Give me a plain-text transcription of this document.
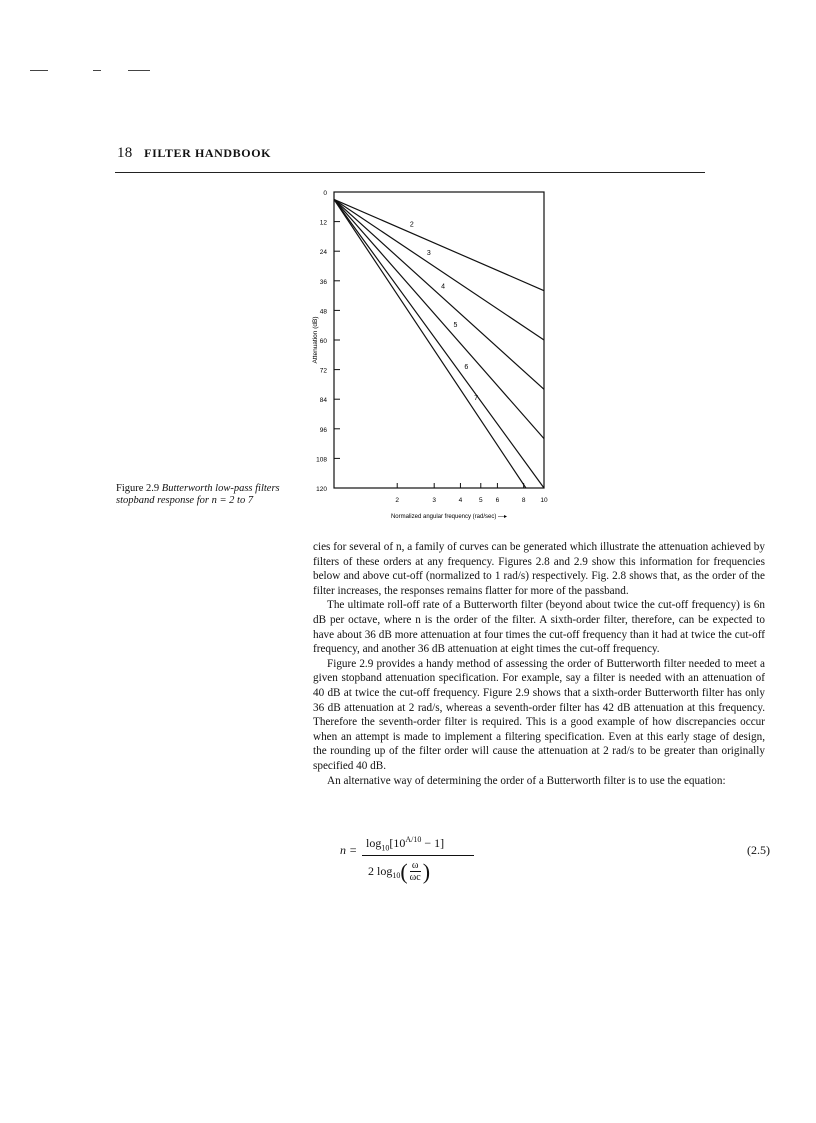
18 FILTER HANDBOOK
Figure 2.9 Butterworth low-pass filters stopband response for n = 2 to 7
0
12
24
36
48
60
72
84
96
108
120
2	3	4	5 6	8 10
Attenuation (dB)
Normalized angular frequency (rad/sec) —▸
2
3
4
5
6
7

cies for several of n, a family of curves can be generated which illustrate the attenuation achieved by filters of these orders at any frequency. Figures 2.8 and 2.9 show this information for frequencies below and above cut-off (normalized to 1 rad/s) respectively. Fig. 2.8 shows that, as the order of the filter increases, the responses remains flatter for more of the passband.

The ultimate roll-off rate of a Butterworth filter (beyond about twice the cut-off frequency) is 6n dB per octave, where n is the order of the filter. A sixth-order filter, therefore, can be expected to have about 36 dB more attenuation at four times the cut-off frequency than it had at twice the cut-off frequency, and another 36 dB attenuation at eight times the cut-off frequency.

Figure 2.9 provides a handy method of assessing the order of Butterworth filter needed to meet a given stopband attenuation specification. For example, say a filter is needed with an attenuation of 40 dB at twice the cut-off frequency. Figure 2.9 shows that a sixth-order Butterworth filter has only 36 dB attenuation at 2 rad/s, whereas a seventh-order filter has 42 dB attenuation at this frequency. Therefore the seventh-order filter is required. This is a good example of how discrepancies occur when an attempt is made to implement a filtering specification. Even at this early stage of design, the rounding up of the filter order will cause the attenuation at 2 rad/s to be greater than originally specified 40 dB.

An alternative way of determining the order of a Butterworth filter is to use the equation:

$n = \log_{10}[10^{A/10} - 1]$
2 $\log_{10}( \frac{\omega}{\omega c})$
(2.5)
